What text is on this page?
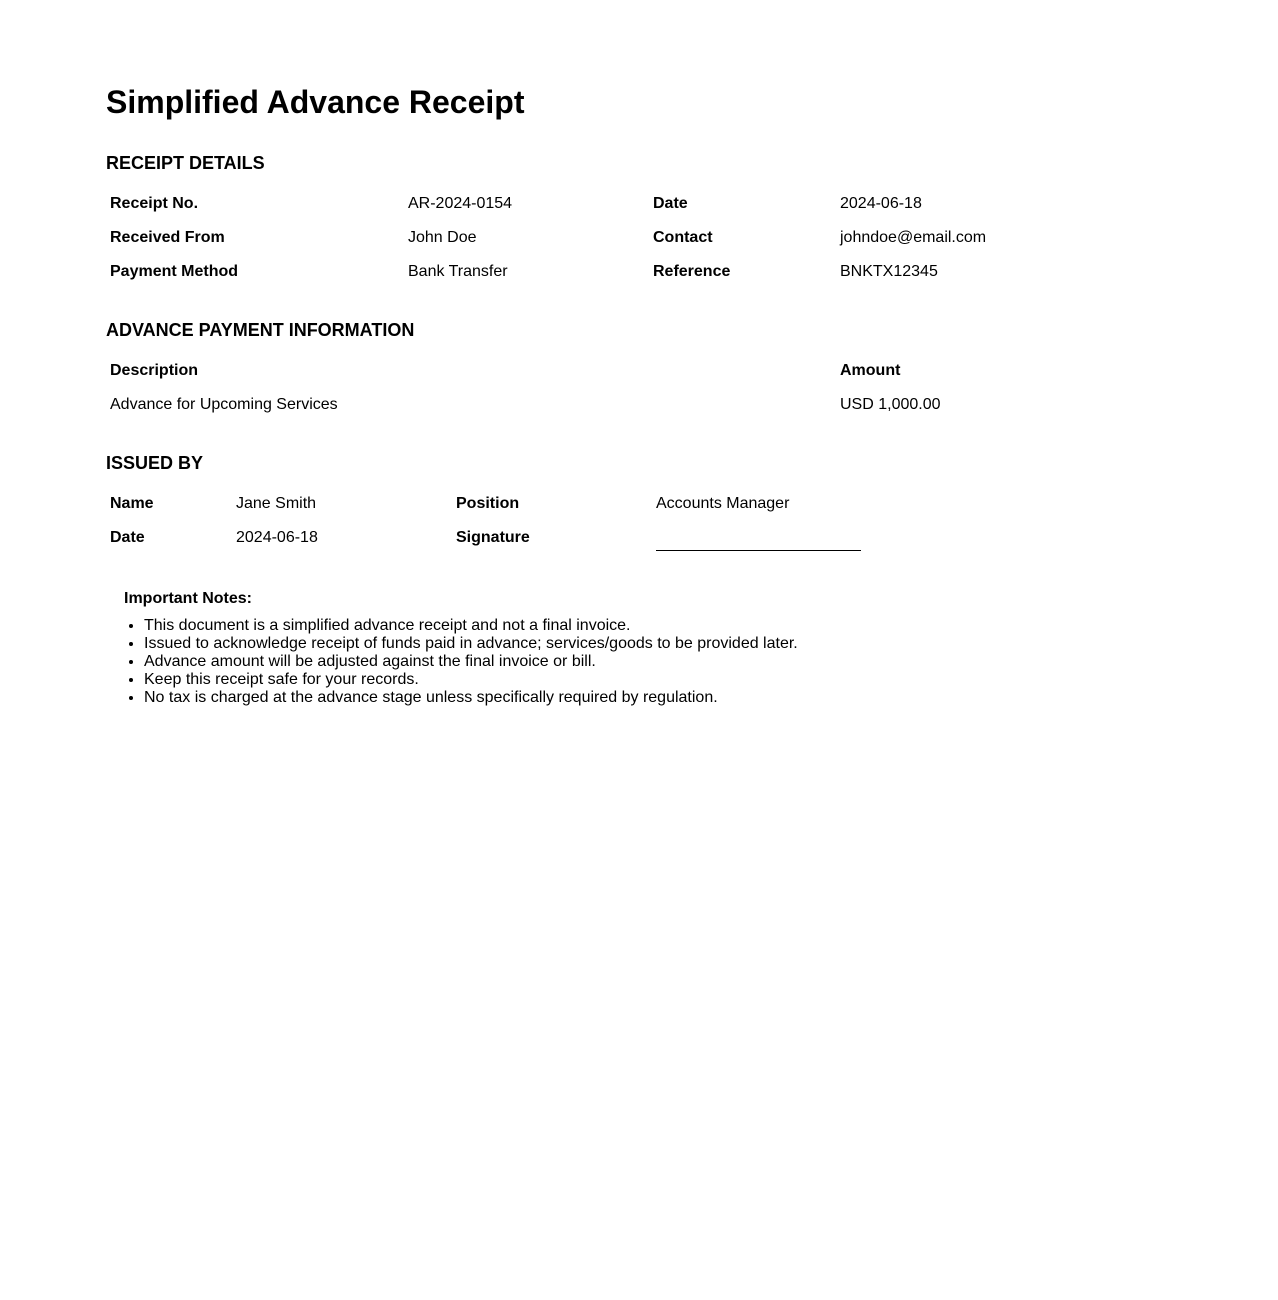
Simplified Advance Receipt
RECEIPT DETAILS
Receipt No.	AR-2024-0154	Date	2024-06-18
Received From	John Doe	Contact	johndoe@email.com
Payment Method	Bank Transfer	Reference	BNKTX12345
ADVANCE PAYMENT INFORMATION
Description	Amount
Advance for Upcoming Services	USD 1,000.00
ISSUED BY
Name	Jane Smith	Position	Accounts Manager
Date	2024-06-18	Signature	
Important Notes:
• This document is a simplified advance receipt and not a final invoice.
• Issued to acknowledge receipt of funds paid in advance; services/goods to be provided later.
• Advance amount will be adjusted against the final invoice or bill.
• Keep this receipt safe for your records.
• No tax is charged at the advance stage unless specifically required by regulation.
